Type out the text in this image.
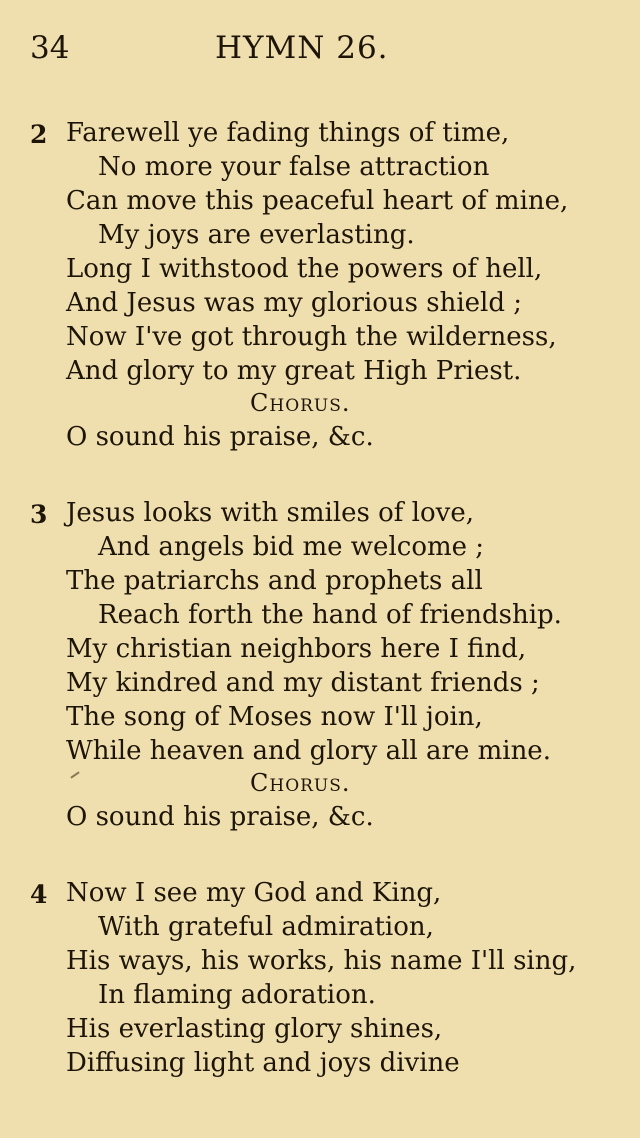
34	HYMN 26.
2 Farewell ye fading things of time,
No more your false attraction
Can move this peaceful heart of mine,
My joys are everlasting.
Long I withstood the powers of hell,
And Jesus was my glorious shield ;
Now I've got through the wilderness,
And glory to my great High Priest.
Chorus.
O sound his praise, &c.
3 Jesus looks with smiles of love,
And angels bid me welcome ;
The patriarchs and prophets all
Reach forth the hand of friendship.
My christian neighbors here I find,
My kindred and my distant friends ;
The song of Moses now I'll join,
While heaven and glory all are mine.
Chorus.
O sound his praise, &c.
4 Now I see my God and King,
With grateful admiration,
His ways, his works, his name I'll sing,
In flaming adoration.
His everlasting glory shines,
Diffusing light and joys divine
